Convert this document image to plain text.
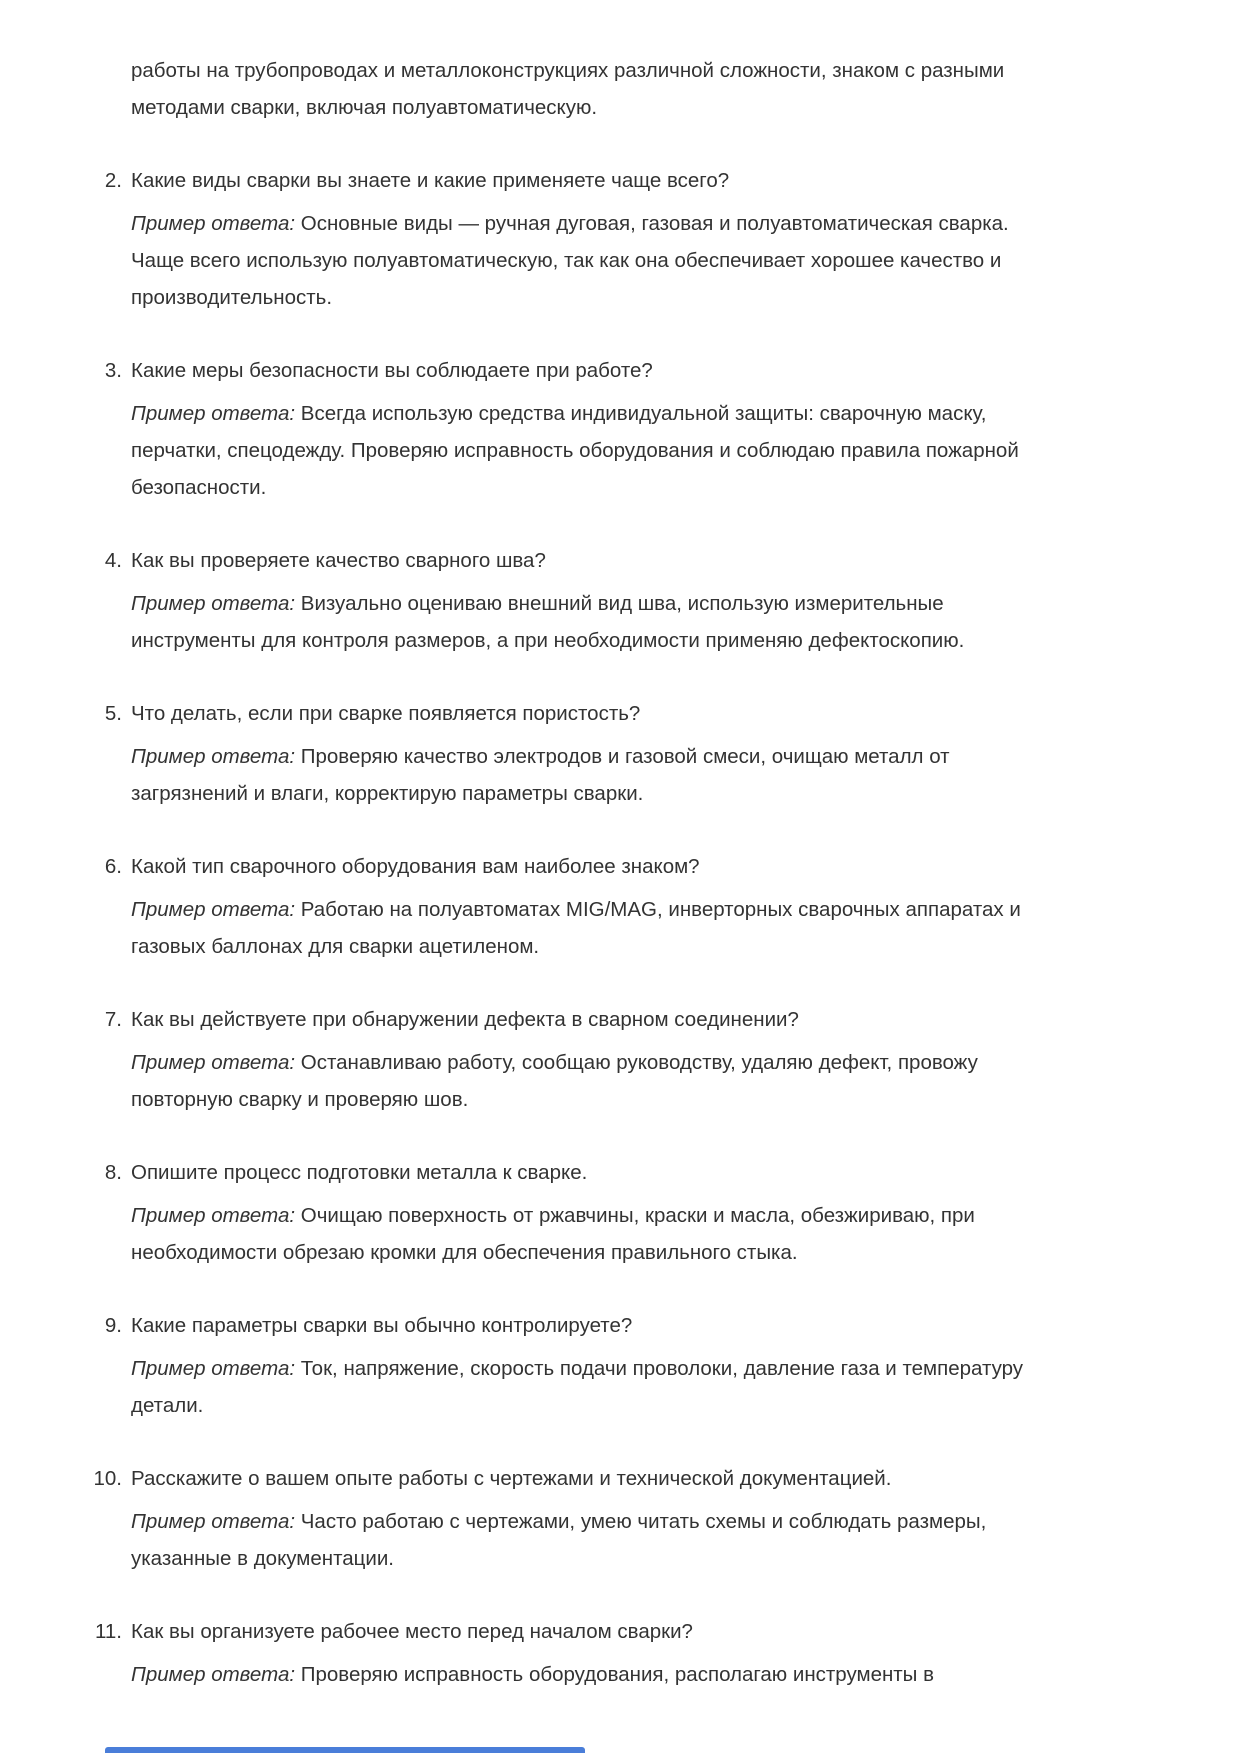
работы на трубопроводах и металлоконструкциях различной сложности, знаком с разными методами сварки, включая полуавтоматическую.

2. Какие виды сварки вы знаете и какие применяете чаще всего?

Пример ответа: Основные виды — ручная дуговая, газовая и полуавтоматическая сварка. Чаще всего использую полуавтоматическую, так как она обеспечивает хорошее качество и производительность.

3. Какие меры безопасности вы соблюдаете при работе?

Пример ответа: Всегда использую средства индивидуальной защиты: сварочную маску, перчатки, спецодежду. Проверяю исправность оборудования и соблюдаю правила пожарной безопасности.

4. Как вы проверяете качество сварного шва?

Пример ответа: Визуально оцениваю внешний вид шва, использую измерительные инструменты для контроля размеров, а при необходимости применяю дефектоскопию.

5. Что делать, если при сварке появляется пористость?

Пример ответа: Проверяю качество электродов и газовой смеси, очищаю металл от загрязнений и влаги, корректирую параметры сварки.

6. Какой тип сварочного оборудования вам наиболее знаком?

Пример ответа: Работаю на полуавтоматах MIG/MAG, инверторных сварочных аппаратах и газовых баллонах для сварки ацетиленом.

7. Как вы действуете при обнаружении дефекта в сварном соединении?

Пример ответа: Останавливаю работу, сообщаю руководству, удаляю дефект, провожу повторную сварку и проверяю шов.

8. Опишите процесс подготовки металла к сварке.

Пример ответа: Очищаю поверхность от ржавчины, краски и масла, обезжириваю, при необходимости обрезаю кромки для обеспечения правильного стыка.

9. Какие параметры сварки вы обычно контролируете?

Пример ответа: Ток, напряжение, скорость подачи проволоки, давление газа и температуру детали.

10. Расскажите о вашем опыте работы с чертежами и технической документацией.

Пример ответа: Часто работаю с чертежами, умею читать схемы и соблюдать размеры, указанные в документации.

11. Как вы организуете рабочее место перед началом сварки?

Пример ответа: Проверяю исправность оборудования, располагаю инструменты в
